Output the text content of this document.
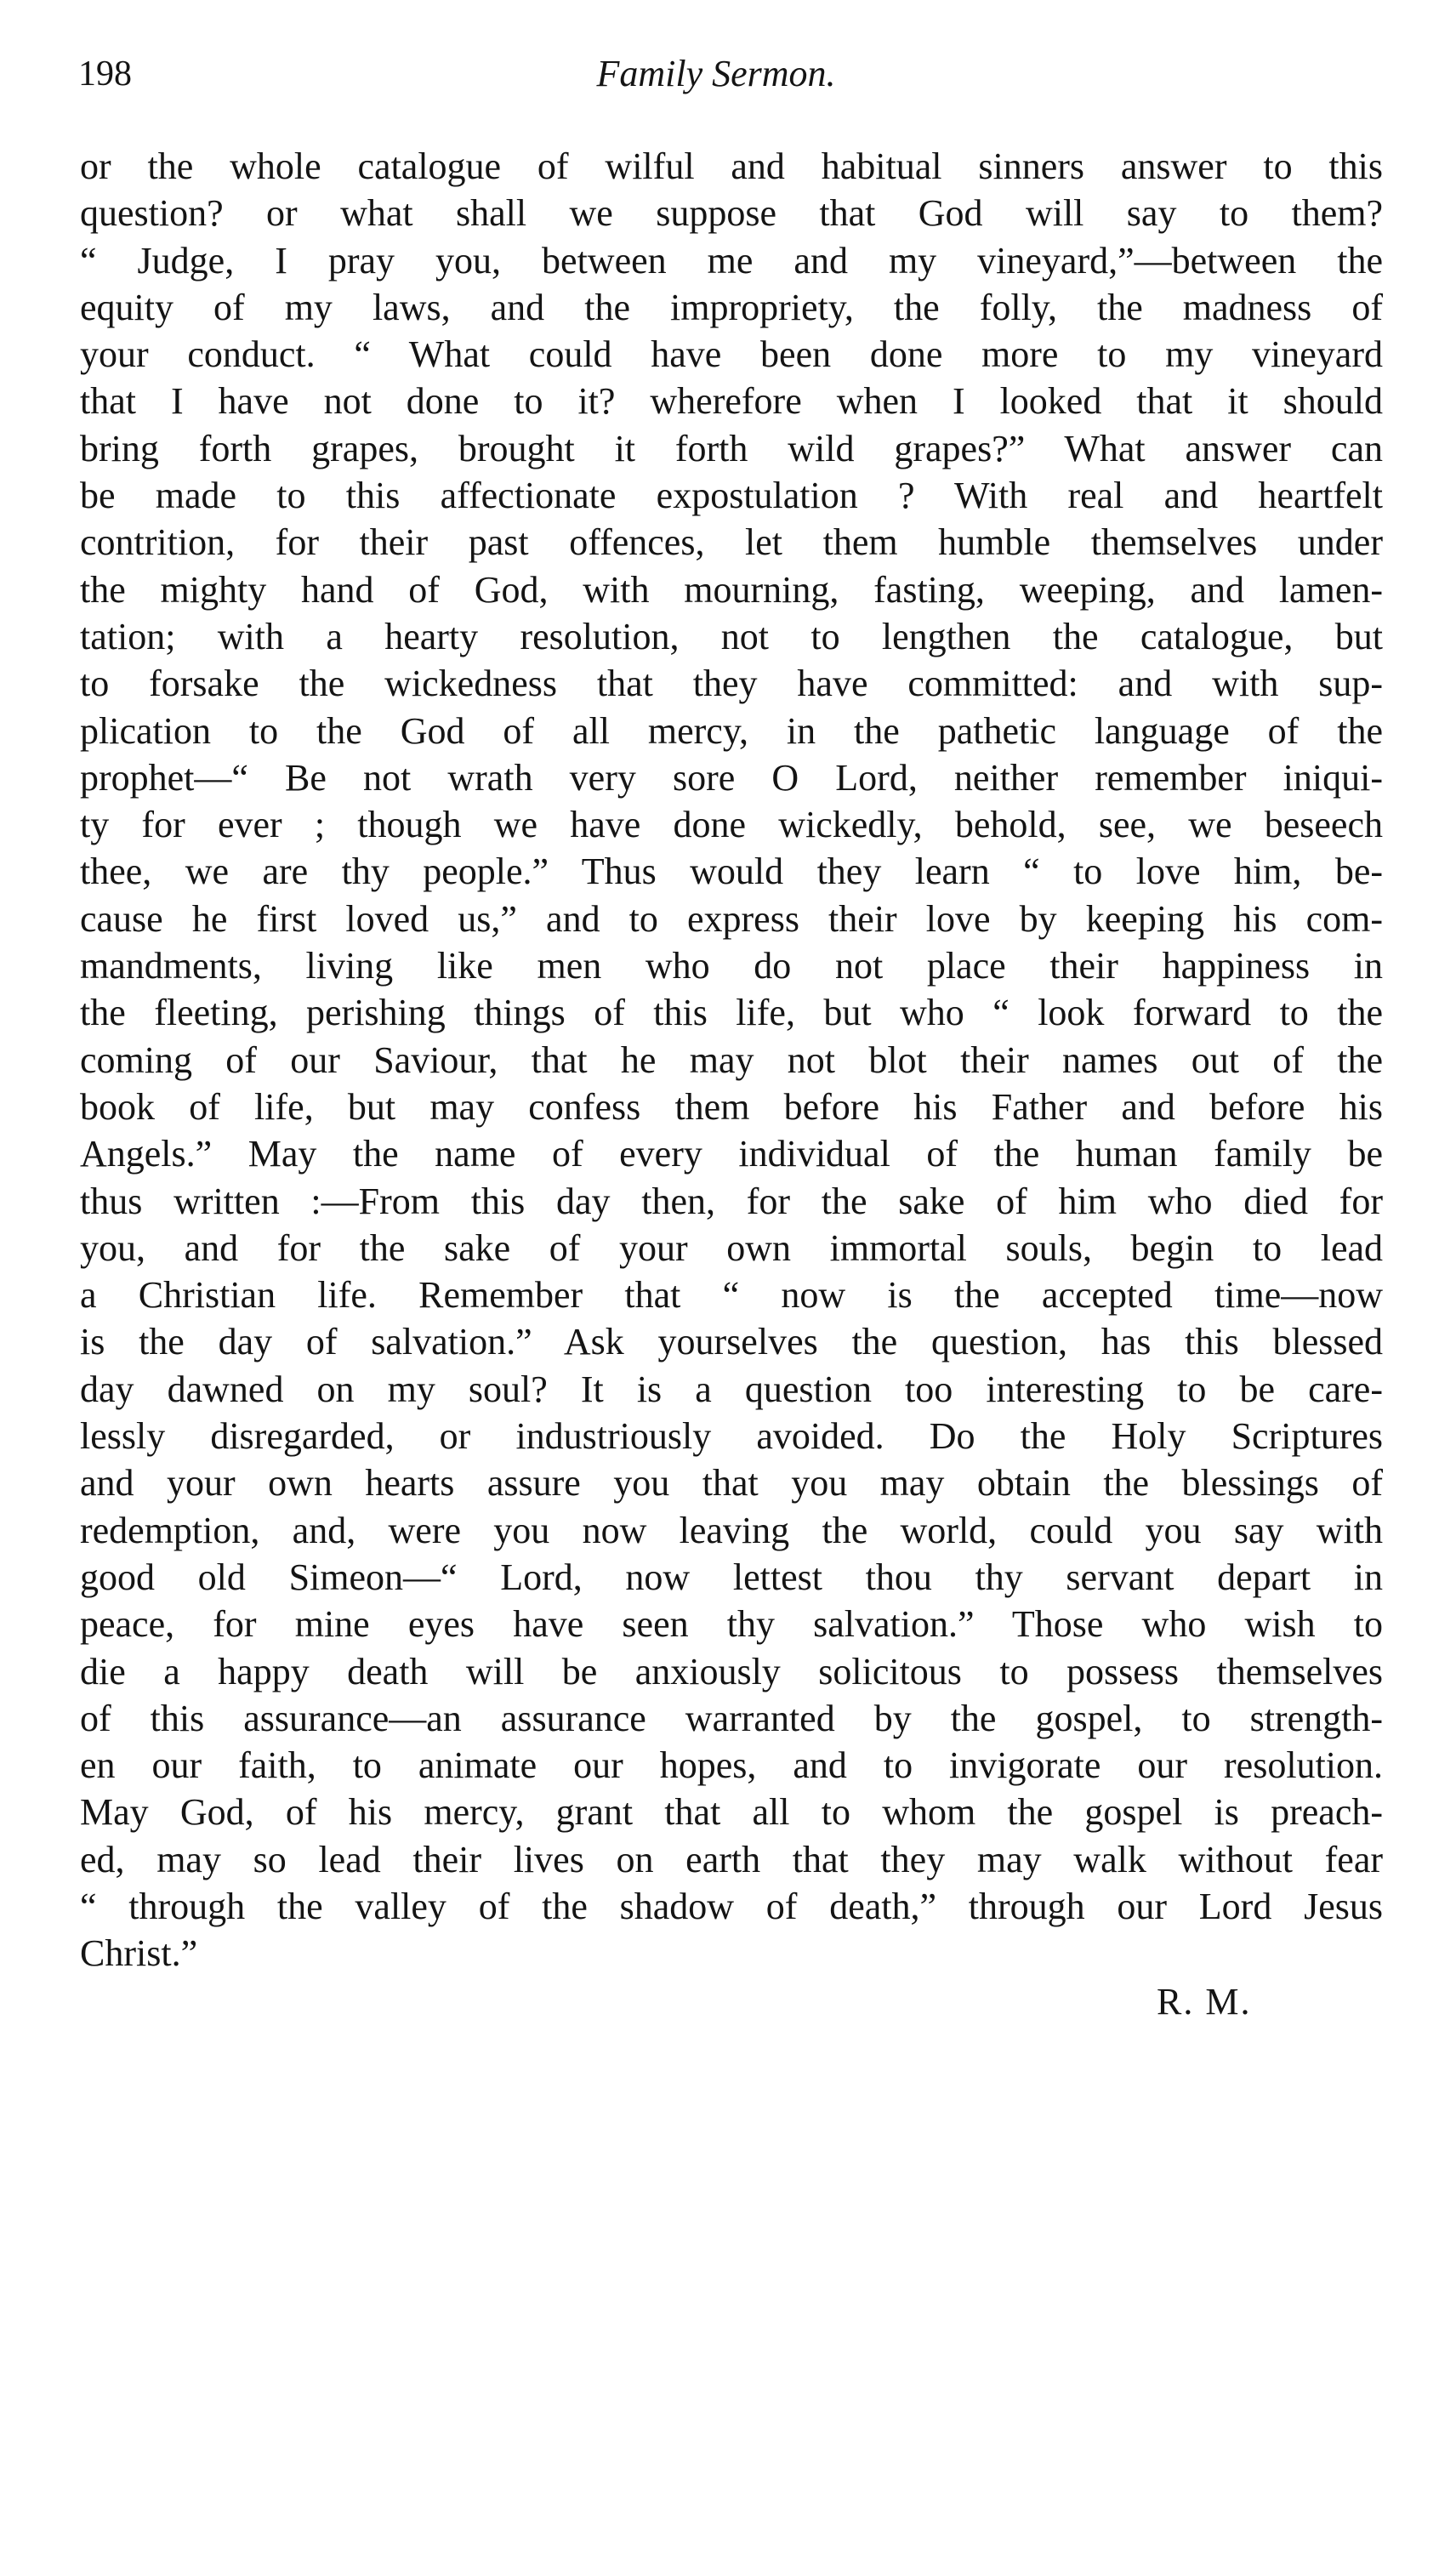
198	Family Sermon.
or the whole catalogue of wilful and habitual sinners answer to this
question? or what shall we suppose that God will say to them?
“ Judge, I pray you, between me and my vineyard,”—between the
equity of my laws, and the impropriety, the folly, the madness of
your conduct. “ What could have been done more to my vineyard
that I have not done to it? wherefore when I looked that it should
bring forth grapes, brought it forth wild grapes?” What answer can
be made to this affectionate expostulation ? With real and heartfelt
contrition, for their past offences, let them humble themselves under
the mighty hand of God, with mourning, fasting, weeping, and lamen-
tation; with a hearty resolution, not to lengthen the catalogue, but
to forsake the wickedness that they have committed: and with sup-
plication to the God of all mercy, in the pathetic language of the
prophet—“ Be not wrath very sore O Lord, neither remember iniqui-
ty for ever ; though we have done wickedly, behold, see, we beseech
thee, we are thy people.” Thus would they learn “ to love him, be-
cause he first loved us,” and to express their love by keeping his com-
mandments, living like men who do not place their happiness in
the fleeting, perishing things of this life, but who “ look forward to the
coming of our Saviour, that he may not blot their names out of the
book of life, but may confess them before his Father and before his
Angels.” May the name of every individual of the human family be
thus written :—From this day then, for the sake of him who died for
you, and for the sake of your own immortal souls, begin to lead
a Christian life. Remember that “ now is the accepted time—now
is the day of salvation.” Ask yourselves the question, has this blessed
day dawned on my soul? It is a question too interesting to be care-
lessly disregarded, or industriously avoided. Do the Holy Scriptures
and your own hearts assure you that you may obtain the blessings of
redemption, and, were you now leaving the world, could you say with
good old Simeon—“ Lord, now lettest thou thy servant depart in
peace, for mine eyes have seen thy salvation.” Those who wish to
die a happy death will be anxiously solicitous to possess themselves
of this assurance—an assurance warranted by the gospel, to strength-
en our faith, to animate our hopes, and to invigorate our resolution.
May God, of his mercy, grant that all to whom the gospel is preach-
ed, may so lead their lives on earth that they may walk without fear
“ through the valley of the shadow of death,” through our Lord Jesus
Christ.”
R. M.
